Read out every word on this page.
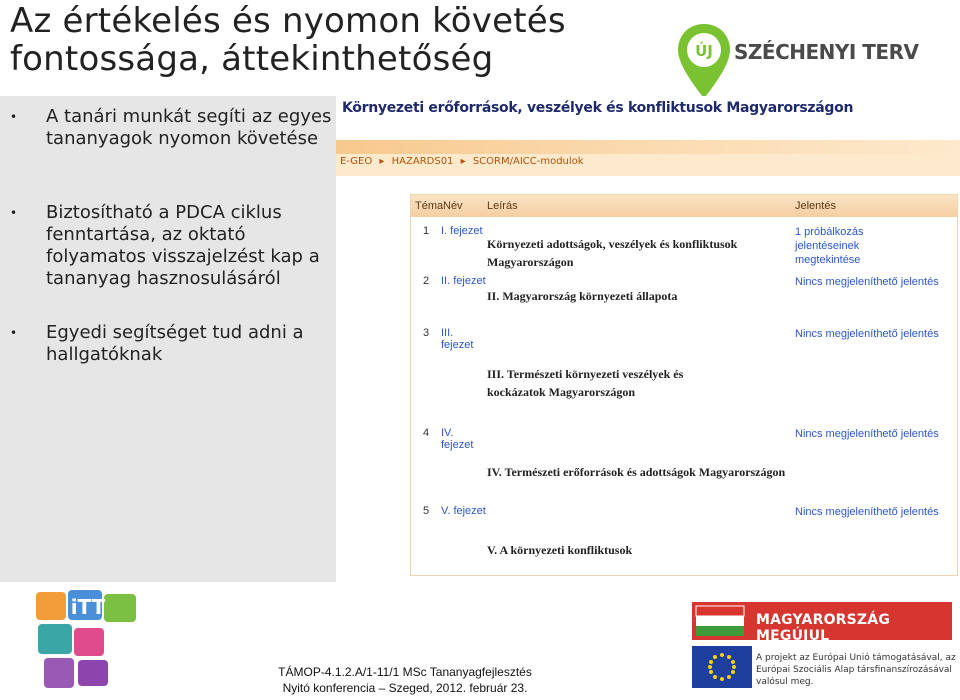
Az értékelés és nyomon követés
fontossága, áttekinthetőség	ÚJ SZÉCHENYI TERV
• A tanári munkát segíti az egyes tananyagok nyomon követése
• Biztosítható a PDCA ciklus fenntartása, az oktató folyamatos visszajelzést kap a tananyag hasznosulásáról
• Egyedi segítséget tud adni a hallgatóknak
Környezeti erőforrások, veszélyek és konfliktusok Magyarországon
E-GEO ▸ HAZARDS01 ▸ SCORM/AICC-modulok
Téma Név Leírás	Jelentés
1 I. fejezet
Környezeti adottságok, veszélyek és konfliktusok Magyarországon
1 próbálkozás jelentéseinek megtekintése
2 II. fejezet
II. Magyarország környezeti állapota
Nincs megjeleníthető jelentés
3 III. fejezet
III. Természeti környezeti veszélyek és kockázatok Magyarországon
Nincs megjeleníthető jelentés
4 IV. fejezet
IV. Természeti erőforrások és adottságok Magyarországon
Nincs megjeleníthető jelentés
5 V. fejezet
V. A környezeti konfliktusok
Nincs megjeleníthető jelentés
iTT
TÁMOP-4.1.2.A/1-11/1 MSc Tananyagfejlesztés
Nyitó konferencia – Szeged, 2012. február 23.
MAGYARORSZÁG MEGÚJUL
A projekt az Európai Unió támogatásával, az Európai Szociális Alap társfinanszírozásával valósul meg.
